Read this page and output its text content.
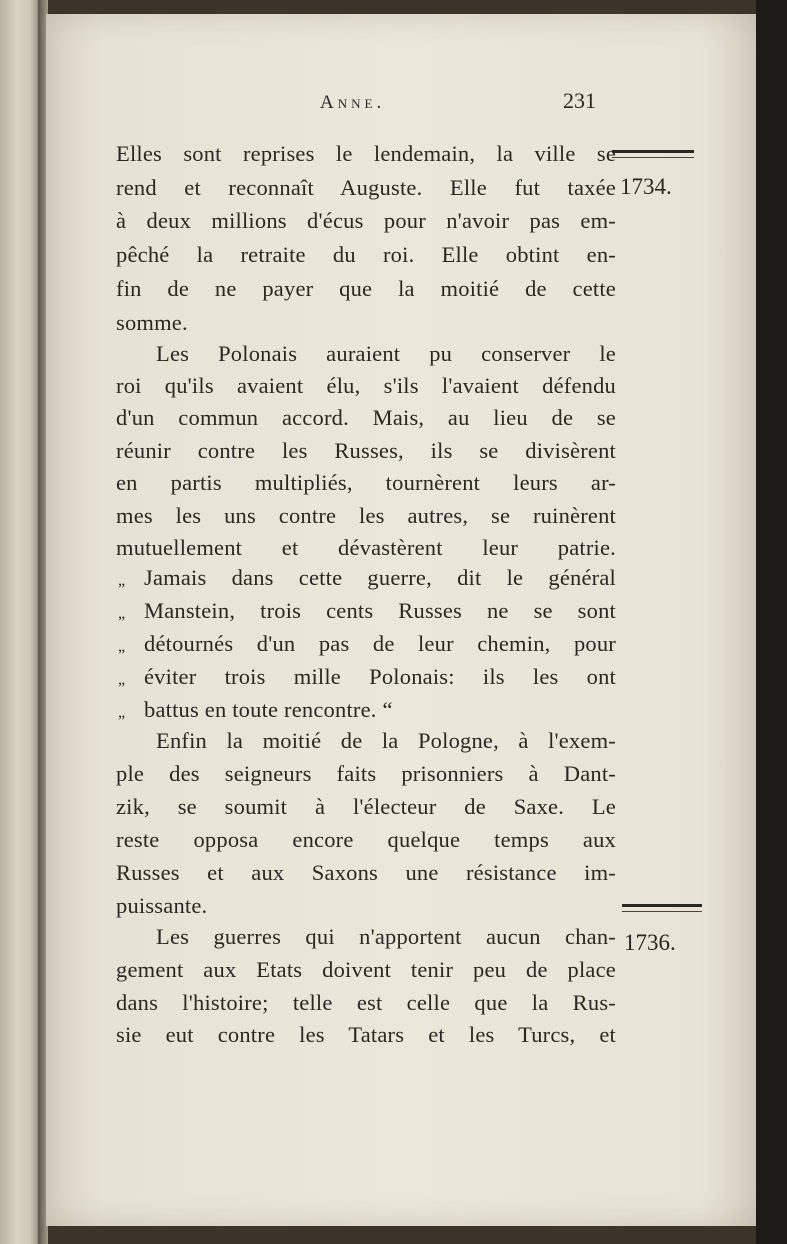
Anne.	231
1734.
1736.
Elles sont reprises le lendemain, la ville se
rend et reconnaît Auguste. Elle fut taxée
à deux millions d'écus pour n'avoir pas em-
pêché la retraite du roi. Elle obtint en-
fin de ne payer que la moitié de cette
somme.
Les Polonais auraient pu conserver le
roi qu'ils avaient élu, s'ils l'avaient défendu
d'un commun accord. Mais, au lieu de se
réunir contre les Russes, ils se divisèrent
en partis multipliés, tournèrent leurs ar-
mes les uns contre les autres, se ruinèrent
mutuellement et dévastèrent leur patrie.
„ Jamais dans cette guerre, dit le général
„ Manstein, trois cents Russes ne se sont
„ détournés d'un pas de leur chemin, pour
„ éviter trois mille Polonais: ils les ont
„ battus en toute rencontre. “
Enfin la moitié de la Pologne, à l'exem-
ple des seigneurs faits prisonniers à Dant-
zik, se soumit à l'électeur de Saxe. Le
reste opposa encore quelque temps aux
Russes et aux Saxons une résistance im-
puissante.
Les guerres qui n'apportent aucun chan-
gement aux Etats doivent tenir peu de place
dans l'histoire; telle est celle que la Rus-
sie eut contre les Tatars et les Turcs, et
